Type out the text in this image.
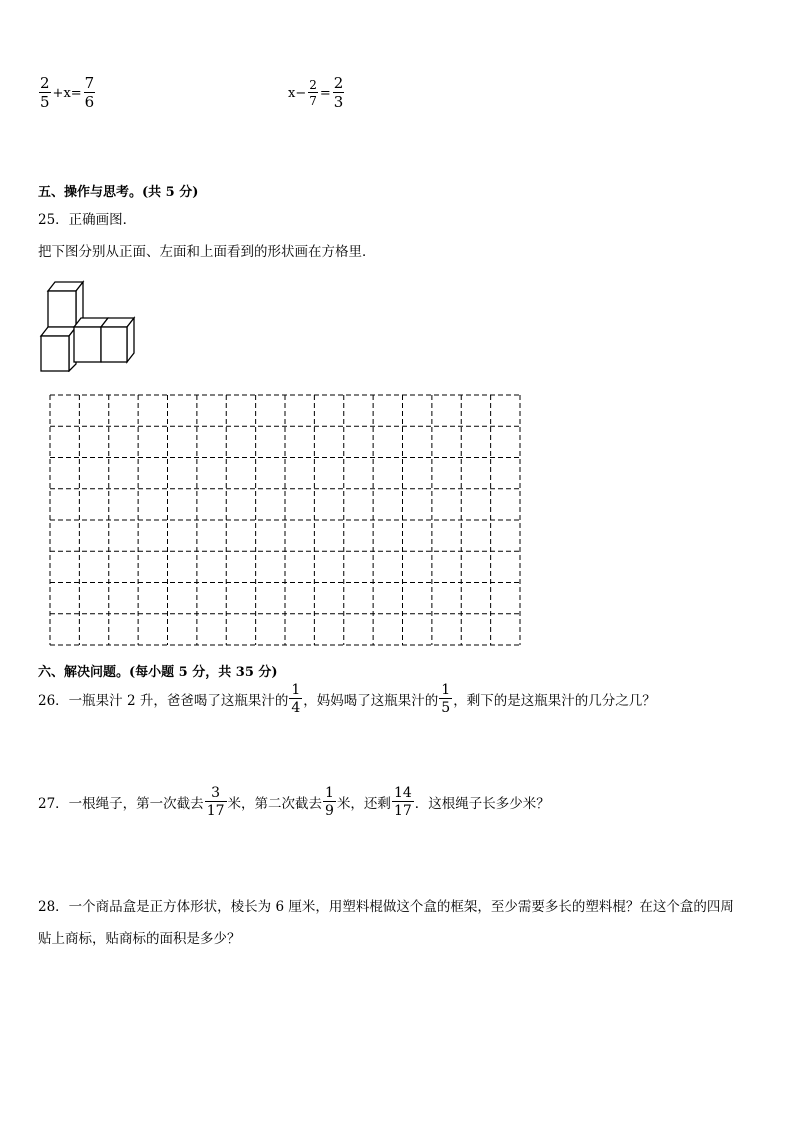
$\frac{2}{5} +x= \frac{7}{6}$	$x- \frac{2}{7} = \frac{2}{3}$
五、操作与思考。(共 5 分)
25．正确画图．
把下图分别从正面、左面和上面看到的形状画在方格里．
六、解决问题。(每小题 5 分，共 35 分)
26．一瓶果汁 2 升，爸爸喝了这瓶果汁的 $\frac{1}{4}$ ，妈妈喝了这瓶果汁的 $\frac{1}{5}$ ，剩下的是这瓶果汁的几分之几？
27．一根绳子，第一次截去 $\frac{3}{17}$ 米，第二次截去 $\frac{1}{9}$ 米，还剩 $\frac{14}{17}$ ．这根绳子长多少米？
28．一个商品盒是正方体形状，棱长为 6 厘米，用塑料棍做这个盒的框架，至少需要多长的塑料棍？在这个盒的四周
贴上商标，贴商标的面积是多少？
